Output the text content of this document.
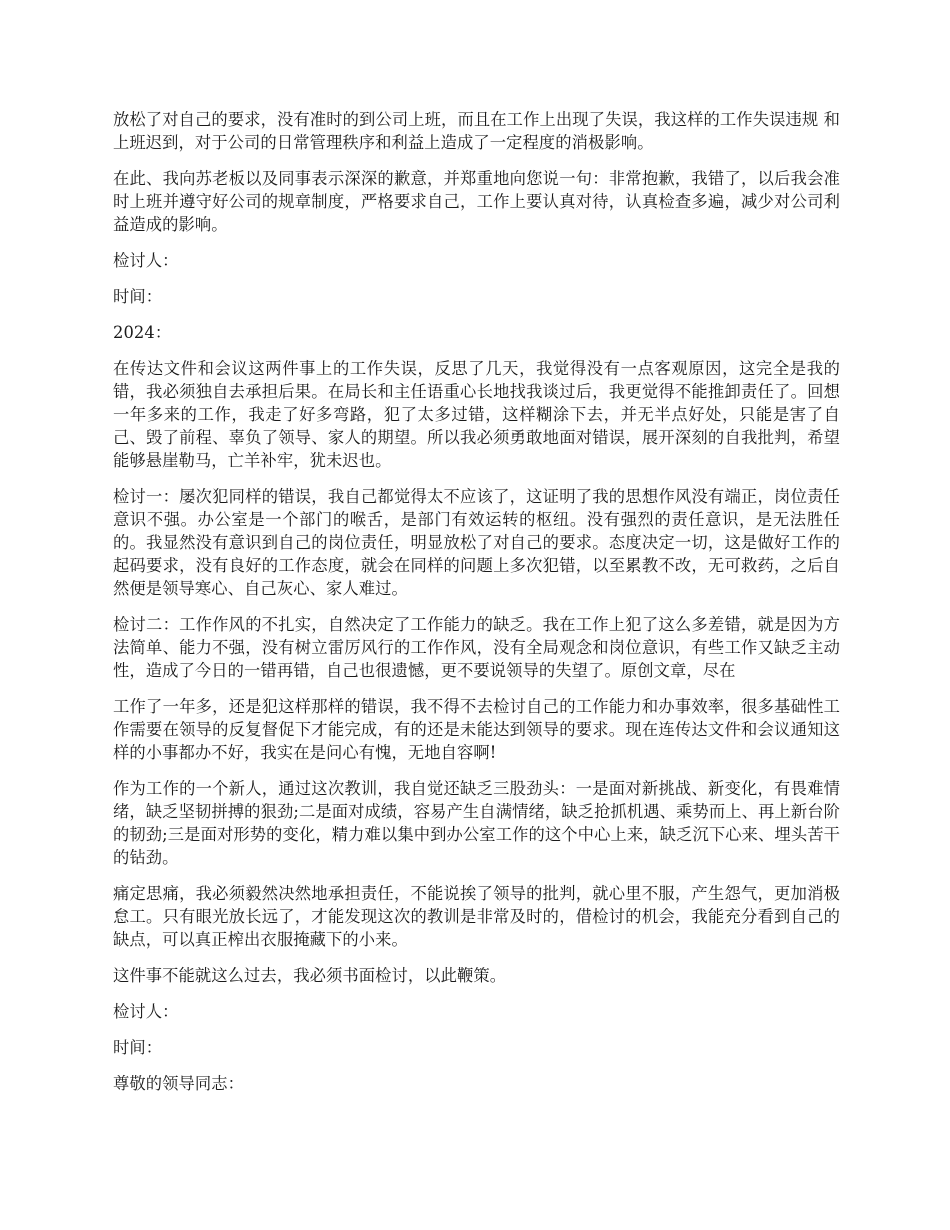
放松了对自己的要求，没有准时的到公司上班，而且在工作上出现了失误，我这样的工作失误违规 和上班迟到，对于公司的日常管理秩序和利益上造成了一定程度的消极影响。

在此、我向苏老板以及同事表示深深的歉意，并郑重地向您说一句：非常抱歉，我错了，以后我会准时上班并遵守好公司的规章制度，严格要求自己，工作上要认真对待，认真检查多遍，减少对公司利益造成的影响。

检讨人：

时间：

2024：

在传达文件和会议这两件事上的工作失误，反思了几天，我觉得没有一点客观原因，这完全是我的错，我必须独自去承担后果。在局长和主任语重心长地找我谈过后，我更觉得不能推卸责任了。回想一年多来的工作，我走了好多弯路，犯了太多过错，这样糊涂下去，并无半点好处，只能是害了自己、毁了前程、辜负了领导、家人的期望。所以我必须勇敢地面对错误，展开深刻的自我批判，希望能够悬崖勒马，亡羊补牢，犹未迟也。

检讨一：屡次犯同样的错误，我自己都觉得太不应该了，这证明了我的思想作风没有端正，岗位责任意识不强。办公室是一个部门的喉舌，是部门有效运转的枢纽。没有强烈的责任意识，是无法胜任的。我显然没有意识到自己的岗位责任，明显放松了对自己的要求。态度决定一切，这是做好工作的起码要求，没有良好的工作态度，就会在同样的问题上多次犯错，以至累教不改，无可救药，之后自然便是领导寒心、自己灰心、家人难过。

检讨二：工作作风的不扎实，自然决定了工作能力的缺乏。我在工作上犯了这么多差错，就是因为方法简单、能力不强，没有树立雷厉风行的工作作风，没有全局观念和岗位意识，有些工作又缺乏主动性，造成了今日的一错再错，自己也很遗憾，更不要说领导的失望了。原创文章，尽在

工作了一年多，还是犯这样那样的错误，我不得不去检讨自己的工作能力和办事效率，很多基础性工作需要在领导的反复督促下才能完成，有的还是未能达到领导的要求。现在连传达文件和会议通知这样的小事都办不好，我实在是问心有愧，无地自容啊!

作为工作的一个新人，通过这次教训，我自觉还缺乏三股劲头：一是面对新挑战、新变化，有畏难情绪，缺乏坚韧拼搏的狠劲;二是面对成绩，容易产生自满情绪，缺乏抢抓机遇、乘势而上、再上新台阶的韧劲;三是面对形势的变化，精力难以集中到办公室工作的这个中心上来，缺乏沉下心来、埋头苦干的钻劲。

痛定思痛，我必须毅然决然地承担责任，不能说挨了领导的批判，就心里不服，产生怨气，更加消极怠工。只有眼光放长远了，才能发现这次的教训是非常及时的，借检讨的机会，我能充分看到自己的缺点，可以真正榨出衣服掩藏下的小来。

这件事不能就这么过去，我必须书面检讨，以此鞭策。

检讨人：

时间：

尊敬的领导同志：
